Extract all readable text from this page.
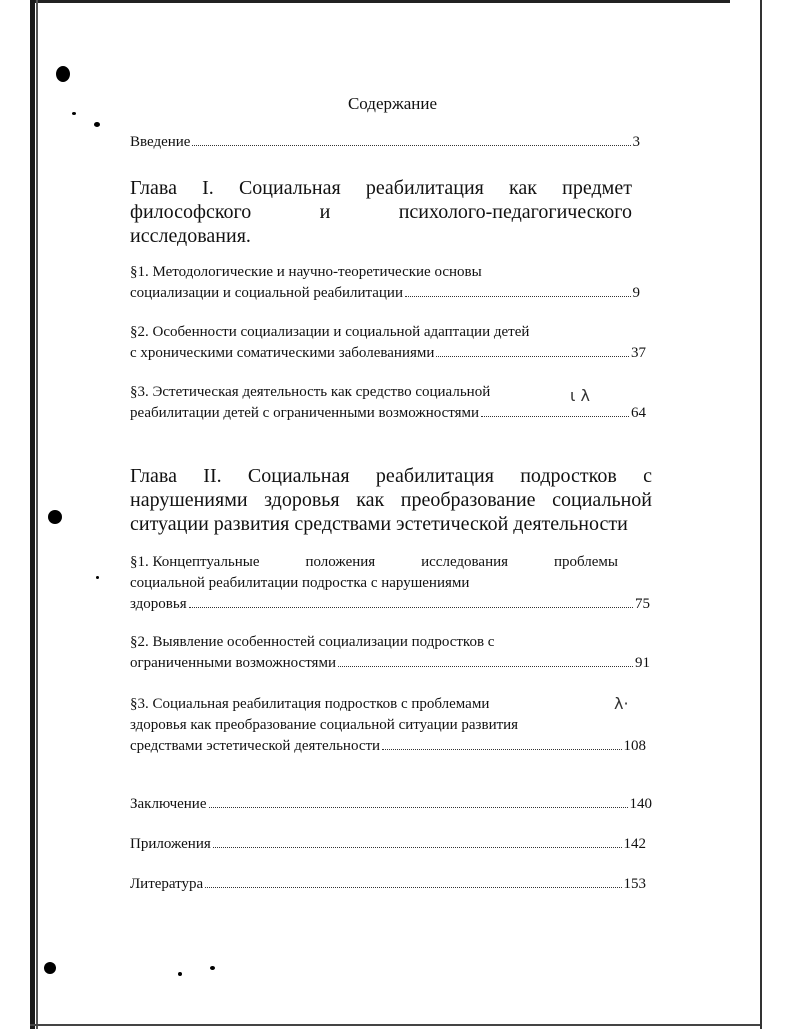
Содержание
Введение	3
Глава I. Социальная реабилитация как предмет
философского	и	психолого-педагогического
исследования.
§1. Методологические и научно-теоретические основы
социализации и социальной реабилитации	9
§2. Особенности социализации и социальной адаптации детей
с хроническими соматическими заболеваниями	37
§3. Эстетическая деятельность как средство социальной
реабилитации детей с ограниченными возможностями	64
ɩ λ
Глава II. Социальная реабилитация подростков с
нарушениями здоровья как преобразование социальной
ситуации развития средствами эстетической деятельности
§1. Концептуальные	положения	исследования	проблемы
социальной реабилитации подростка с нарушениями
здоровья	75
§2. Выявление особенностей социализации подростков с
ограниченными возможностями	91
§3. Социальная реабилитация подростков с проблемами
здоровья как преобразование социальной ситуации развития
средствами эстетической деятельности	108
λ·
Заключение	140
Приложения	142
Литература	153
